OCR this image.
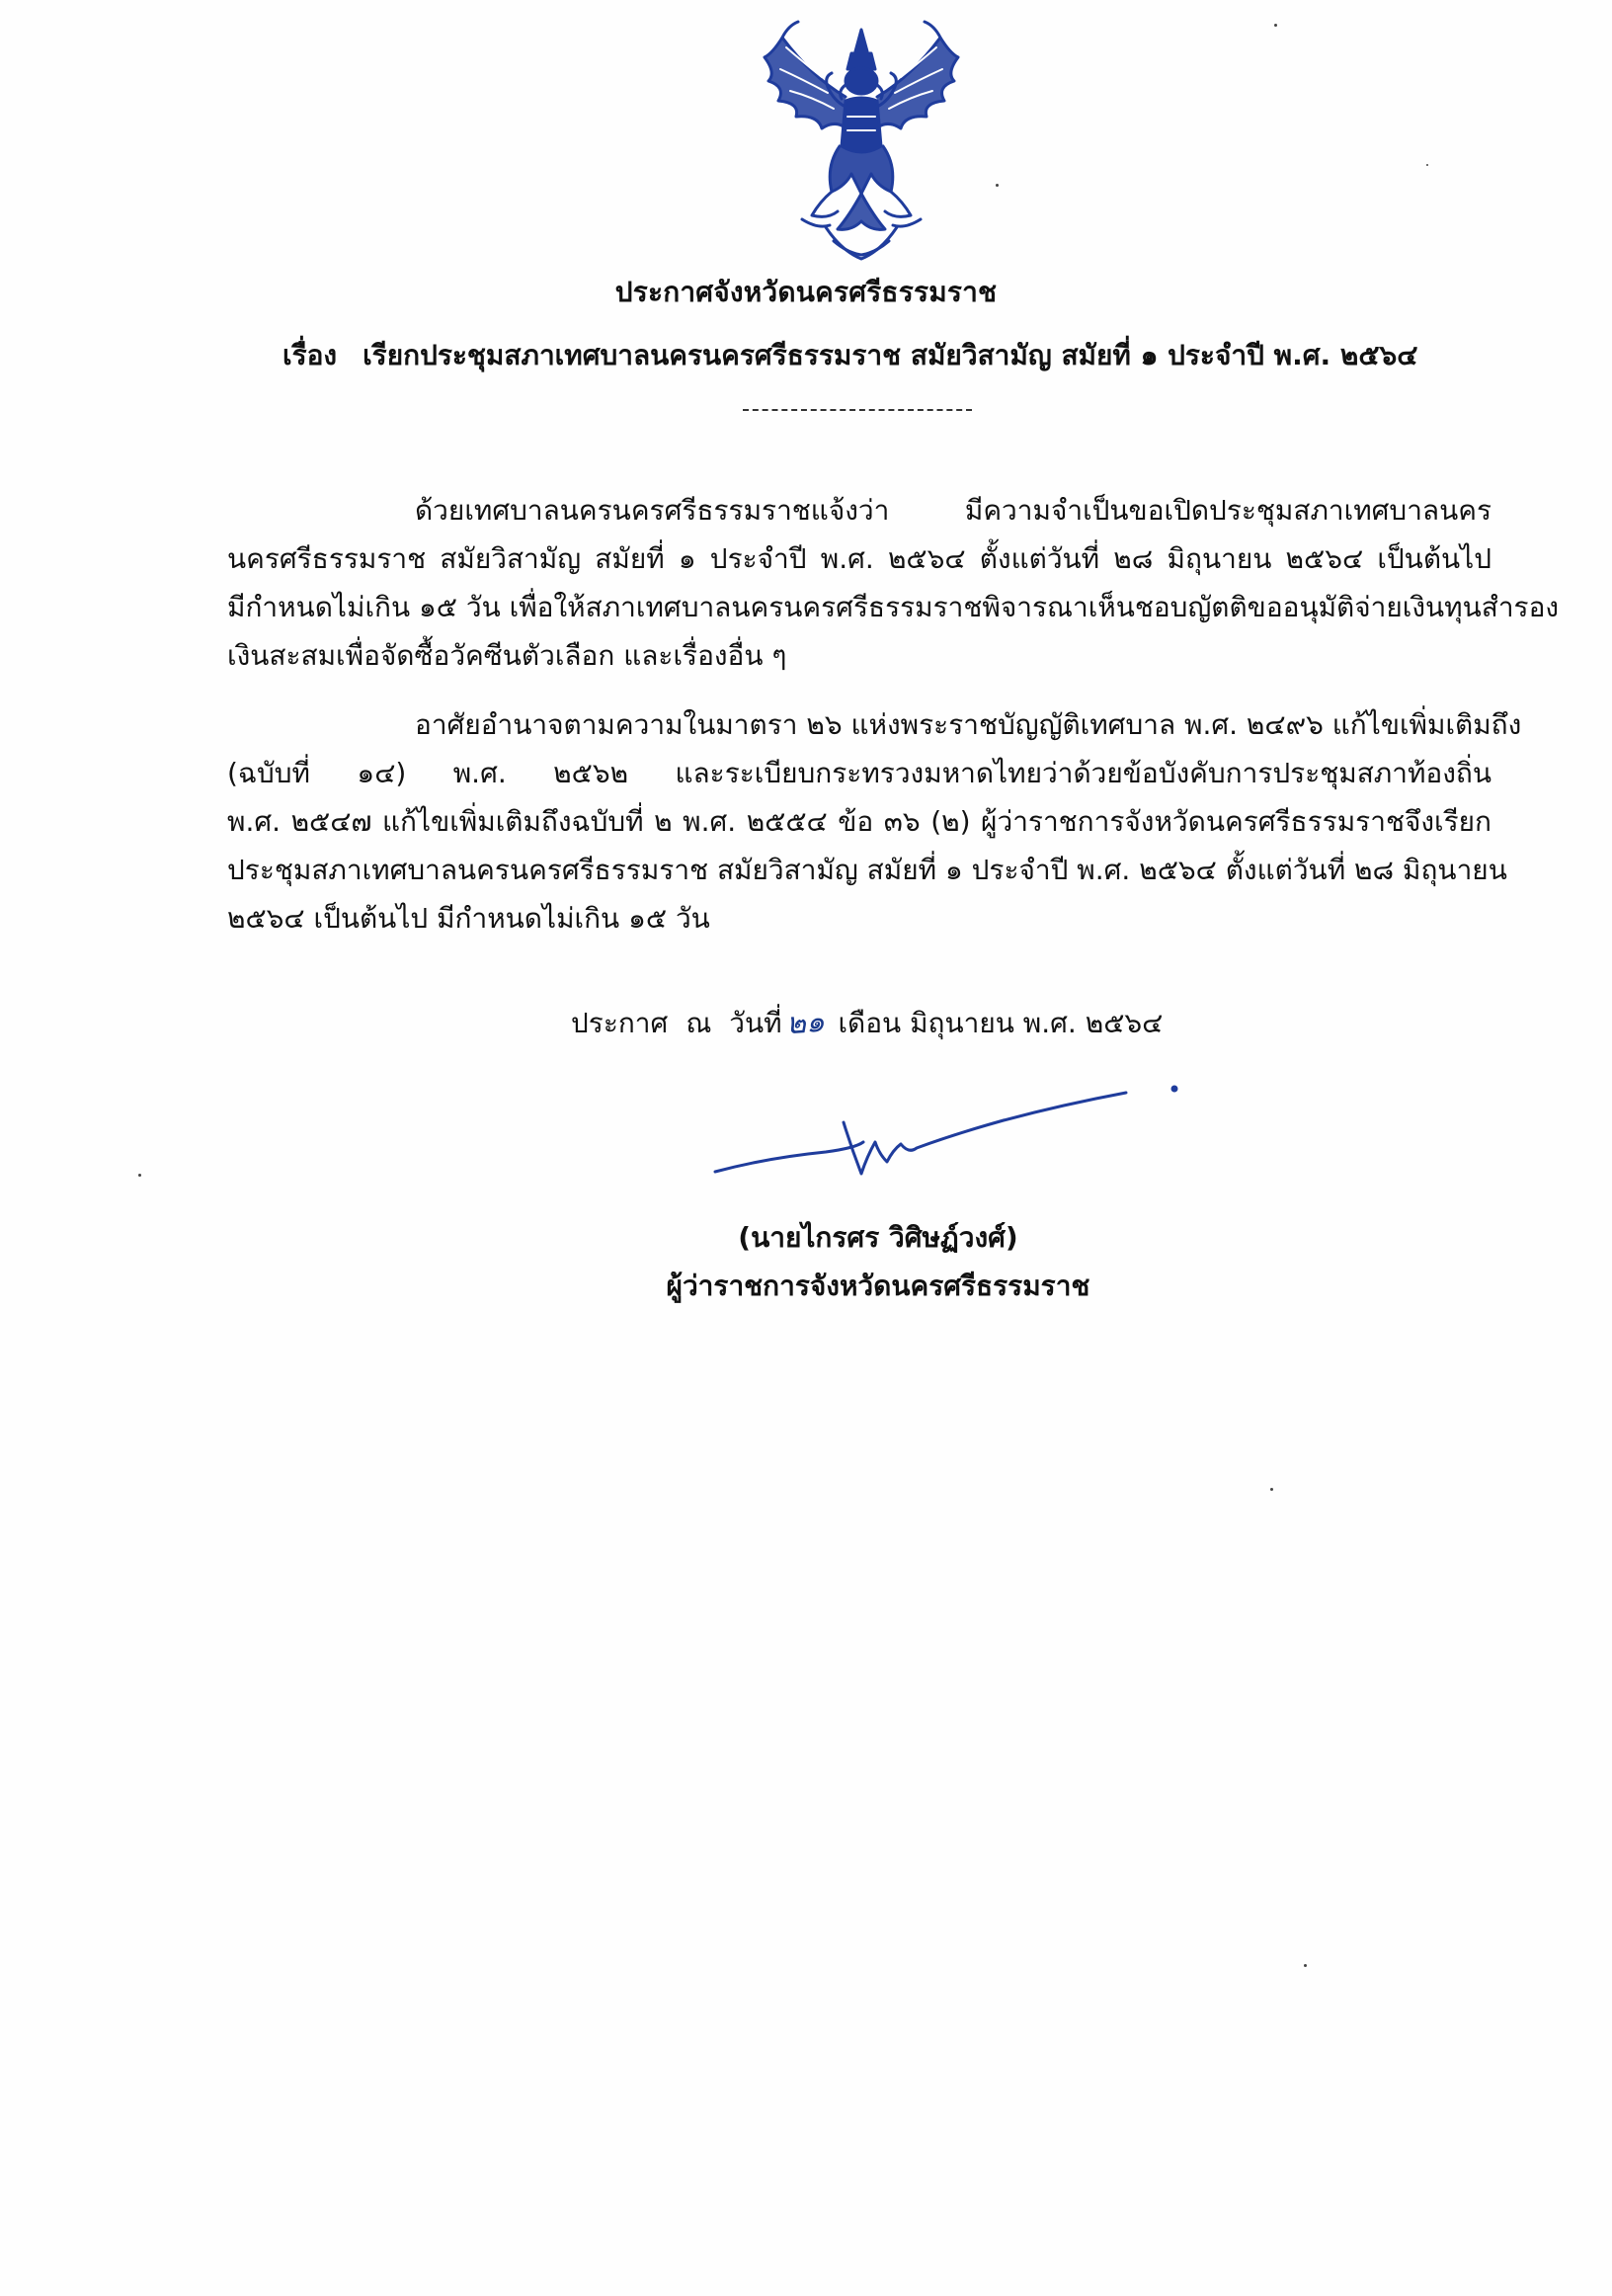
ประกาศจังหวัดนครศรีธรรมราช
เรื่อง เรียกประชุมสภาเทศบาลนครนครศรีธรรมราช สมัยวิสามัญ สมัยที่ ๑ ประจำปี พ.ศ. ๒๕๖๔
ด้วยเทศบาลนครนครศรีธรรมราชแจ้งว่า มีความจำเป็นขอเปิดประชุมสภาเทศบาลนคร
นครศรีธรรมราช สมัยวิสามัญ สมัยที่ ๑ ประจำปี พ.ศ. ๒๕๖๔ ตั้งแต่วันที่ ๒๘ มิถุนายน ๒๕๖๔ เป็นต้นไป
มีกำหนดไม่เกิน ๑๕ วัน เพื่อให้สภาเทศบาลนครนครศรีธรรมราชพิจารณาเห็นชอบญัตติขออนุมัติจ่ายเงินทุนสำรอง
เงินสะสมเพื่อจัดซื้อวัคซีนตัวเลือก และเรื่องอื่น ๆ
อาศัยอำนาจตามความในมาตรา ๒๖ แห่งพระราชบัญญัติเทศบาล พ.ศ. ๒๔๙๖ แก้ไขเพิ่มเติมถึง
(ฉบับที่ ๑๔) พ.ศ. ๒๕๖๒ และระเบียบกระทรวงมหาดไทยว่าด้วยข้อบังคับการประชุมสภาท้องถิ่น
พ.ศ. ๒๕๔๗ แก้ไขเพิ่มเติมถึงฉบับที่ ๒ พ.ศ. ๒๕๕๔ ข้อ ๓๖ (๒) ผู้ว่าราชการจังหวัดนครศรีธรรมราชจึงเรียก
ประชุมสภาเทศบาลนครนครศรีธรรมราช สมัยวิสามัญ สมัยที่ ๑ ประจำปี พ.ศ. ๒๕๖๔ ตั้งแต่วันที่ ๒๘ มิถุนายน
๒๕๖๔ เป็นต้นไป มีกำหนดไม่เกิน ๑๕ วัน
ประกาศ ณ วันที่๒๑ เดือน มิถุนายน พ.ศ. ๒๕๖๔
(นายไกรศร วิศิษฏ์วงศ์)
ผู้ว่าราชการจังหวัดนครศรีธรรมราช
